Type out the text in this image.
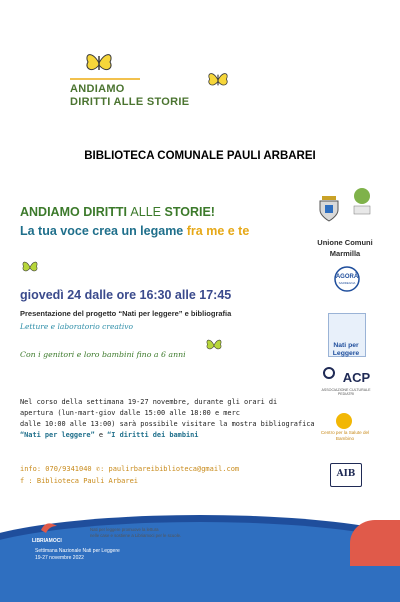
ANDIAMO
DIRITTI ALLE STORIE
BIBLIOTECA COMUNALE PAULI ARBAREI
ANDIAMO DIRITTI ALLE STORIE!
La tua voce crea un legame fra me e te
giovedì 24 dalle ore 16:30 alle 17:45
Presentazione del progetto “Nati per leggere” e bibliografia
Letture e laboratorio creativo
Con i genitori e loro bambini fino a 6 anni
Nel corso della settimana 19-27 novembre, durante gli orari di
apertura (lun-mart-giov dalle 15:00 alle 18:00 e merc
dalle 10:00 alle 13:00) sarà possibile visitare la mostra bibliografica
“Nati per leggere” e “I diritti dei bambini
info: 070/9341040 ✆: paulirbareibiblioteca@gmail.com
f : Biblioteca Pauli Arbarei
Unione Comuni
Marmilla
AGORÀ
SARDEGNA
Nati per
Leggere
ACP
ASSOCIAZIONE CULTURALE PEDIATRI
Centro per la Salute del Bambino
AIB
LIBRIAMOCI
Nati per leggere promuove la lettura
nelle case e sostiene a Libriamoci per le scuole.
Settimana Nazionale Nati per Leggere
19-27 novembre 2022
